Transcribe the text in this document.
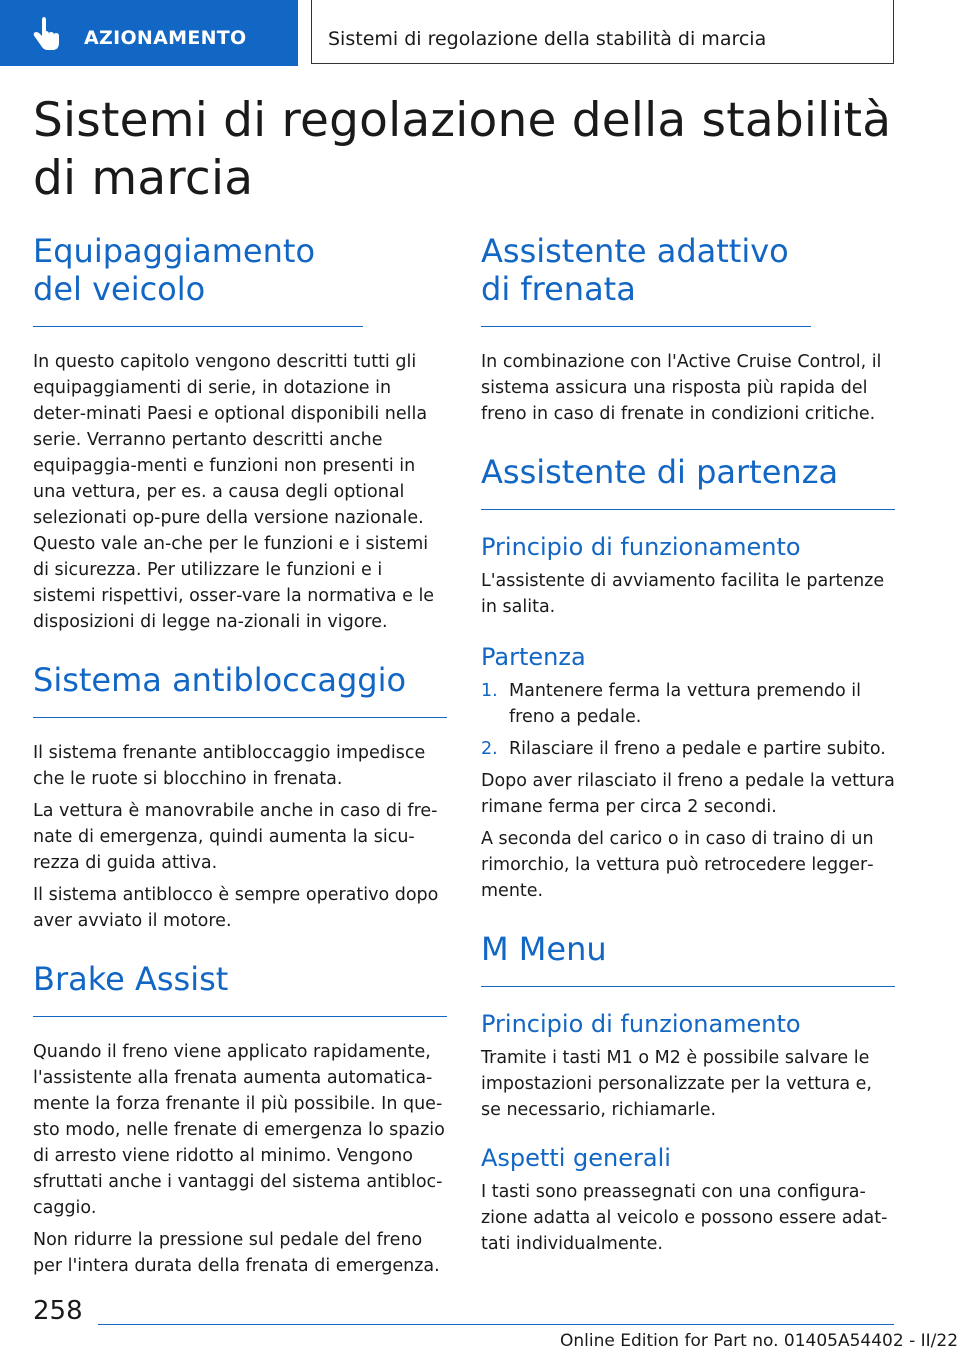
AZIONAMENTO	Sistemi di regolazione della stabilità di marcia
Sistemi di regolazione della stabilità di marcia
Equipaggiamento del veicolo

In questo capitolo vengono descritti tutti gli equipaggiamenti di serie, in dotazione in deter‐minati Paesi e optional disponibili nella serie. Verranno pertanto descritti anche equipaggia‐menti e funzioni non presenti in una vettura, per es. a causa degli optional selezionati op‐pure della versione nazionale. Questo vale an‐che per le funzioni e i sistemi di sicurezza. Per utilizzare le funzioni e i sistemi rispettivi, osser‐vare la normativa e le disposizioni di legge na‐zionali in vigore.

Sistema antibloccaggio

Il sistema frenante antibloccaggio impedisce che le ruote si blocchino in frenata.

La vettura è manovrabile anche in caso di fre‐nate di emergenza, quindi aumenta la sicu‐rezza di guida attiva.

Il sistema antiblocco è sempre operativo dopo aver avviato il motore.

Brake Assist

Quando il freno viene applicato rapidamente, l'assistente alla frenata aumenta automatica‐mente la forza frenante il più possibile. In que‐sto modo, nelle frenate di emergenza lo spazio di arresto viene ridotto al minimo. Vengono sfruttati anche i vantaggi del sistema antibloc‐caggio.

Non ridurre la pressione sul pedale del freno per l'intera durata della frenata di emergenza.

Assistente adattivo di frenata

In combinazione con l'Active Cruise Control, il sistema assicura una risposta più rapida del freno in caso di frenate in condizioni critiche.

Assistente di partenza
Principio di funzionamento

L'assistente di avviamento facilita le partenze in salita.

Partenza
1. Mantenere ferma la vettura premendo il freno a pedale.
2. Rilasciare il freno a pedale e partire subito.

Dopo aver rilasciato il freno a pedale la vettura rimane ferma per circa 2 secondi.

A seconda del carico o in caso di traino di un rimorchio, la vettura può retrocedere legger‐mente.

M Menu
Principio di funzionamento

Tramite i tasti M1 o M2 è possibile salvare le impostazioni personalizzate per la vettura e, se necessario, richiamarle.

Aspetti generali

I tasti sono preassegnati con una configura‐zione adatta al veicolo e possono essere adat‐tati individualmente.

258
Online Edition for Part no. 01405A54402 - II/22
